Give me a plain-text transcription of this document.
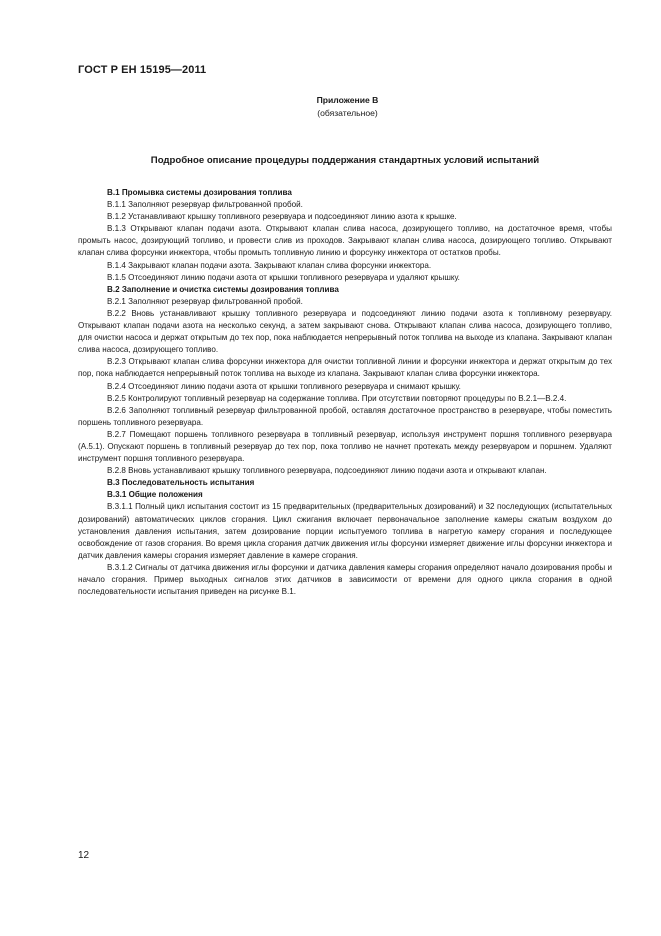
ГОСТ Р ЕН 15195—2011
Приложение В
(обязательное)
Подробное описание процедуры поддержания стандартных условий испытаний

В.1 Промывка системы дозирования топлива

В.1.1 Заполняют резервуар фильтрованной пробой.

В.1.2 Устанавливают крышку топливного резервуара и подсоединяют линию азота к крышке.

В.1.3 Открывают клапан подачи азота. Открывают клапан слива насоса, дозирующего топливо, на достаточное время, чтобы промыть насос, дозирующий топливо, и провести слив из проходов. Закрывают клапан слива насоса, дозирующего топливо. Открывают клапан слива форсунки инжектора, чтобы промыть топливную линию и форсунку инжектора от остатков пробы.

В.1.4 Закрывают клапан подачи азота. Закрывают клапан слива форсунки инжектора.

В.1.5 Отсоединяют линию подачи азота от крышки топливного резервуара и удаляют крышку.

В.2 Заполнение и очистка системы дозирования топлива

В.2.1 Заполняют резервуар фильтрованной пробой.

В.2.2 Вновь устанавливают крышку топливного резервуара и подсоединяют линию подачи азота к топливному резервуару. Открывают клапан подачи азота на несколько секунд, а затем закрывают снова. Открывают клапан слива насоса, дозирующего топливо, для очистки насоса и держат открытым до тех пор, пока наблюдается непрерывный поток топлива на выходе из клапана. Закрывают клапан слива насоса, дозирующего топливо.

В.2.3 Открывают клапан слива форсунки инжектора для очистки топливной линии и форсунки инжектора и держат открытым до тех пор, пока наблюдается непрерывный поток топлива на выходе из клапана. Закрывают клапан слива форсунки инжектора.

В.2.4 Отсоединяют линию подачи азота от крышки топливного резервуара и снимают крышку.

В.2.5 Контролируют топливный резервуар на содержание топлива. При отсутствии повторяют процедуры по В.2.1—В.2.4.

В.2.6 Заполняют топливный резервуар фильтрованной пробой, оставляя достаточное пространство в резервуаре, чтобы поместить поршень топливного резервуара.

В.2.7 Помещают поршень топливного резервуара в топливный резервуар, используя инструмент поршня топливного резервуара (А.5.1). Опускают поршень в топливный резервуар до тех пор, пока топливо не начнет протекать между резервуаром и поршнем. Удаляют инструмент поршня топливного резервуара.

В.2.8 Вновь устанавливают крышку топливного резервуара, подсоединяют линию подачи азота и открывают клапан.

В.3 Последовательность испытания

В.3.1 Общие положения

В.3.1.1 Полный цикл испытания состоит из 15 предварительных (предварительных дозирований) и 32 последующих (испытательных дозирований) автоматических циклов сгорания. Цикл сжигания включает первоначальное заполнение камеры сжатым воздухом до установления давления испытания, затем дозирование порции испытуемого топлива в нагретую камеру сгорания и последующее освобождение от газов сгорания. Во время цикла сгорания датчик движения иглы форсунки измеряет движение иглы форсунки инжектора и датчик давления камеры сгорания измеряет давление в камере сгорания.

В.3.1.2 Сигналы от датчика движения иглы форсунки и датчика давления камеры сгорания определяют начало дозирования пробы и начало сгорания. Пример выходных сигналов этих датчиков в зависимости от времени для одного цикла сгорания в одной последовательности испытания приведен на рисунке В.1.

12
